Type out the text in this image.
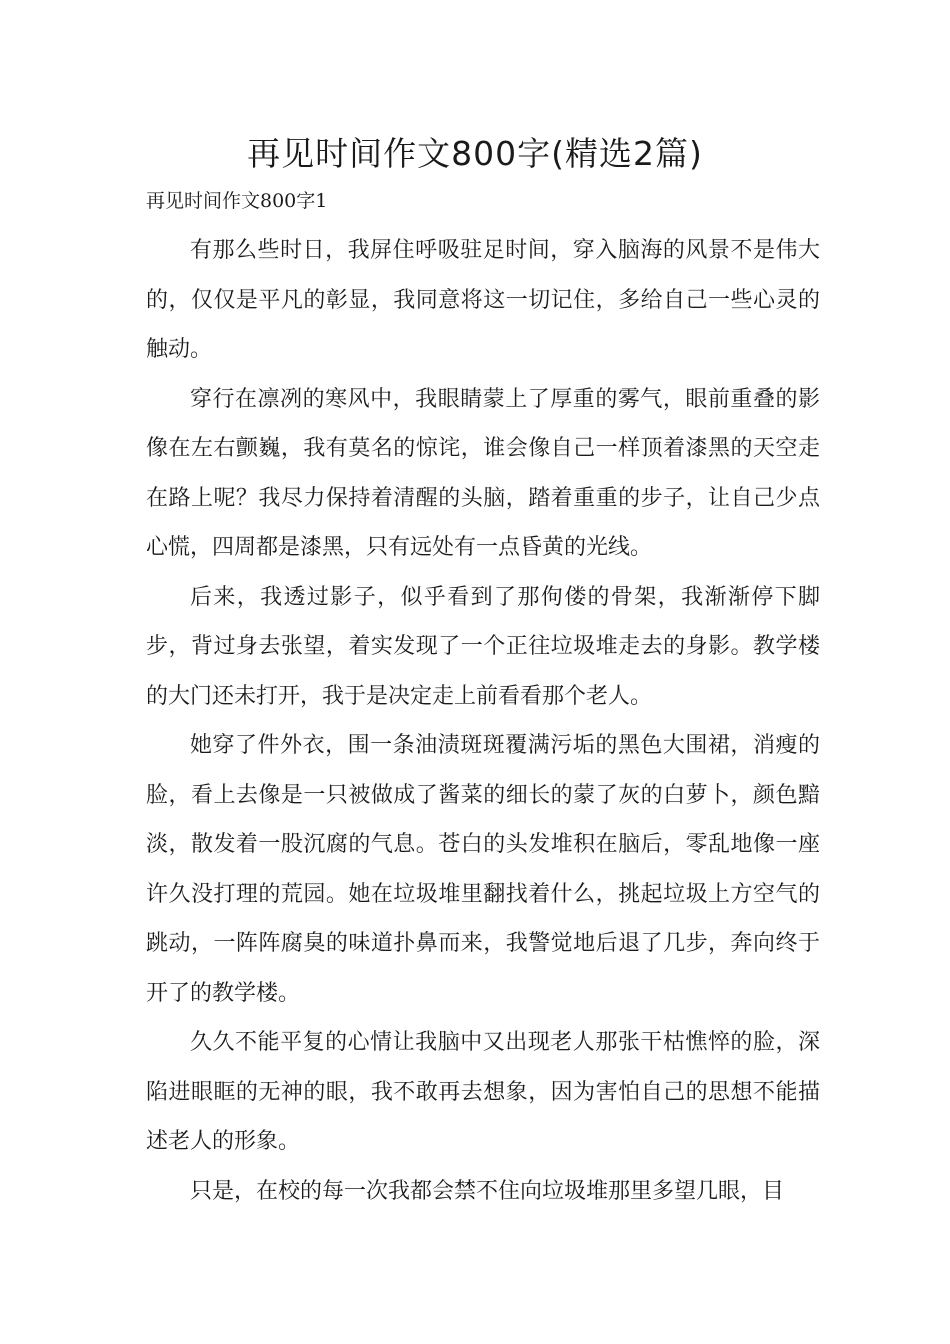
再见时间作文800字(精选2篇)

再见时间作文800字1

有那么些时日，我屏住呼吸驻足时间，穿入脑海的风景不是伟大的，仅仅是平凡的彰显，我同意将这一切记住，多给自己一些心灵的触动。

穿行在凛冽的寒风中，我眼睛蒙上了厚重的雾气，眼前重叠的影像在左右颤巍，我有莫名的惊诧，谁会像自己一样顶着漆黑的天空走在路上呢？我尽力保持着清醒的头脑，踏着重重的步子，让自己少点心慌，四周都是漆黑，只有远处有一点昏黄的光线。

后来，我透过影子，似乎看到了那佝偻的骨架，我渐渐停下脚步，背过身去张望，着实发现了一个正往垃圾堆走去的身影。教学楼的大门还未打开，我于是决定走上前看看那个老人。

她穿了件外衣，围一条油渍斑斑覆满污垢的黑色大围裙，消瘦的脸，看上去像是一只被做成了酱菜的细长的蒙了灰的白萝卜，颜色黯淡，散发着一股沉腐的气息。苍白的头发堆积在脑后，零乱地像一座许久没打理的荒园。她在垃圾堆里翻找着什么，挑起垃圾上方空气的跳动，一阵阵腐臭的味道扑鼻而来，我警觉地后退了几步，奔向终于开了的教学楼。

久久不能平复的心情让我脑中又出现老人那张干枯憔悴的脸，深陷进眼眶的无神的眼，我不敢再去想象，因为害怕自己的思想不能描述老人的形象。

只是，在校的每一次我都会禁不住向垃圾堆那里多望几眼，目
